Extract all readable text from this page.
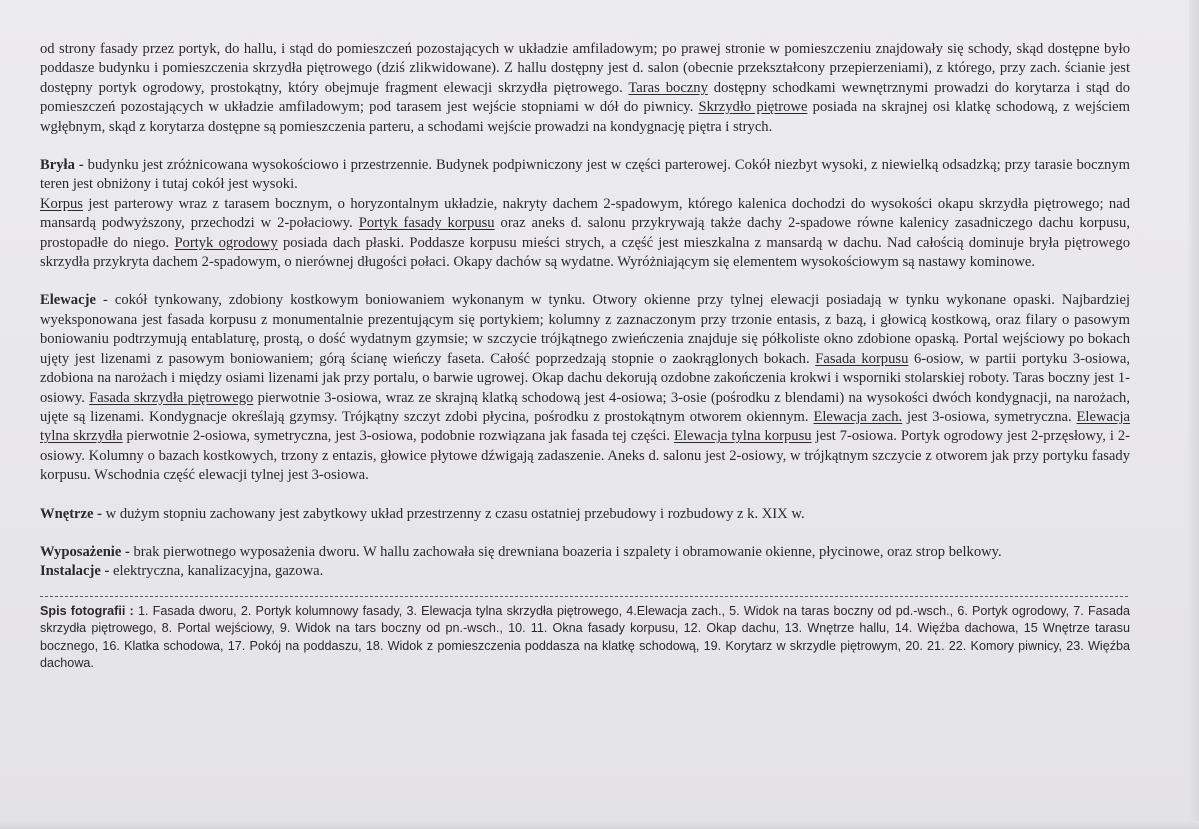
od strony fasady przez portyk, do hallu, i stąd do pomieszczeń pozostających w układzie amfiladowym; po prawej stronie w pomieszczeniu znajdowały się schody, skąd dostępne było poddasze budynku i pomieszczenia skrzydła piętrowego (dziś zlikwidowane). Z hallu dostępny jest d. salon (obecnie przekształcony przepierzeniami), z którego, przy zach. ścianie jest dostępny portyk ogrodowy, prostokątny, który obejmuje fragment elewacji skrzydła piętrowego. Taras boczny dostępny schodkami wewnętrznymi prowadzi do korytarza i stąd do pomieszczeń pozostających w układzie amfiladowym; pod tarasem jest wejście stopniami w dół do piwnicy. Skrzydło piętrowe posiada na skrajnej osi klatkę schodową, z wejściem wgłębnym, skąd z korytarza dostępne są pomieszczenia parteru, a schodami wejście prowadzi na kondygnację piętra i strych.

Bryła - budynku jest zróżnicowana wysokościowo i przestrzennie. Budynek podpiwniczony jest w części parterowej. Cokół niezbyt wysoki, z niewielką odsadzką; przy tarasie bocznym teren jest obniżony i tutaj cokół jest wysoki.
Korpus jest parterowy wraz z tarasem bocznym, o horyzontalnym układzie, nakryty dachem 2-spadowym, którego kalenica dochodzi do wysokości okapu skrzydła piętrowego; nad mansardą podwyższony, przechodzi w 2-połaciowy. Portyk fasady korpusu oraz aneks d. salonu przykrywają także dachy 2-spadowe równe kalenicy zasadniczego dachu korpusu, prostopadłe do niego. Portyk ogrodowy posiada dach płaski. Poddasze korpusu mieści strych, a część jest mieszkalna z mansardą w dachu. Nad całością dominuje bryła piętrowego skrzydła przykryta dachem 2-spadowym, o nierównej długości połaci. Okapy dachów są wydatne. Wyróżniającym się elementem wysokościowym są nastawy kominowe.

Elewacje - cokół tynkowany, zdobiony kostkowym boniowaniem wykonanym w tynku. Otwory okienne przy tylnej elewacji posiadają w tynku wykonane opaski. Najbardziej wyeksponowana jest fasada korpusu z monumentalnie prezentującym się portykiem; kolumny z zaznaczonym przy trzonie entasis, z bazą, i głowicą kostkową, oraz filary o pasowym boniowaniu podtrzymują entablaturę, prostą, o dość wydatnym gzymsie; w szczycie trójkątnego zwieńczenia znajduje się półkoliste okno zdobione opaską. Portal wejściowy po bokach ujęty jest lizenami z pasowym boniowaniem; górą ścianę wieńczy faseta. Całość poprzedzają stopnie o zaokrąglonych bokach. Fasada korpusu 6-osiow, w partii portyku 3-osiowa, zdobiona na narożach i między osiami lizenami jak przy portalu, o barwie ugrowej. Okap dachu dekorują ozdobne zakończenia krokwi i wsporniki stolarskiej roboty. Taras boczny jest 1-osiowy. Fasada skrzydła piętrowego pierwotnie 3-osiowa, wraz ze skrajną klatką schodową jest 4-osiowa; 3-osie (pośrodku z blendami) na wysokości dwóch kondygnacji, na narożach, ujęte są lizenami. Kondygnacje określają gzymsy. Trójkątny szczyt zdobi płycina, pośrodku z prostokątnym otworem okiennym. Elewacja zach. jest 3-osiowa, symetryczna. Elewacja tylna skrzydła pierwotnie 2-osiowa, symetryczna, jest 3-osiowa, podobnie rozwiązana jak fasada tej części. Elewacja tylna korpusu jest 7-osiowa. Portyk ogrodowy jest 2-przęsłowy, i 2-osiowy. Kolumny o bazach kostkowych, trzony z entazis, głowice płytowe dźwigają zadaszenie. Aneks d. salonu jest 2-osiowy, w trójkątnym szczycie z otworem jak przy portyku fasady korpusu. Wschodnia część elewacji tylnej jest 3-osiowa.

Wnętrze - w dużym stopniu zachowany jest zabytkowy układ przestrzenny z czasu ostatniej przebudowy i rozbudowy z k. XIX w.

Wyposażenie - brak pierwotnego wyposażenia dworu. W hallu zachowała się drewniana boazeria i szpalety i obramowanie okienne, płycinowe, oraz strop belkowy.

Instalacje - elektryczna, kanalizacyjna, gazowa.

Spis fotografii : 1. Fasada dworu, 2. Portyk kolumnowy fasady, 3. Elewacja tylna skrzydła piętrowego, 4.Elewacja zach., 5. Widok na taras boczny od pd.-wsch., 6. Portyk ogrodowy, 7. Fasada skrzydła piętrowego, 8. Portal wejściowy, 9. Widok na tars boczny od pn.-wsch., 10. 11. Okna fasady korpusu, 12. Okap dachu, 13. Wnętrze hallu, 14. Więźba dachowa, 15 Wnętrze tarasu bocznego, 16. Klatka schodowa, 17. Pokój na poddaszu, 18. Widok z pomieszczenia poddasza na klatkę schodową, 19. Korytarz w skrzydle piętrowym, 20. 21. 22. Komory piwnicy, 23. Więźba dachowa.
